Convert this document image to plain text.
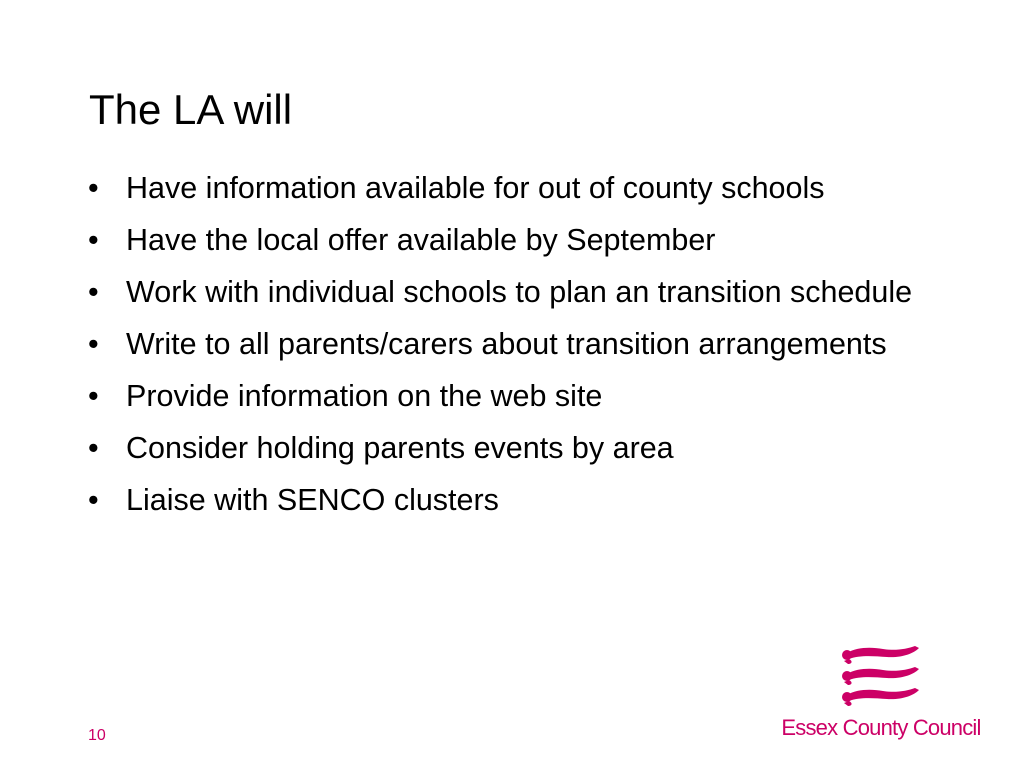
The LA will
• Have information available for out of county schools
• Have the local offer available by September
• Work with individual schools to plan an transition schedule
• Write to all parents/carers about transition arrangements
• Provide information on the web site
• Consider holding parents events by area
• Liaise with SENCO clusters
10	Essex County Council
